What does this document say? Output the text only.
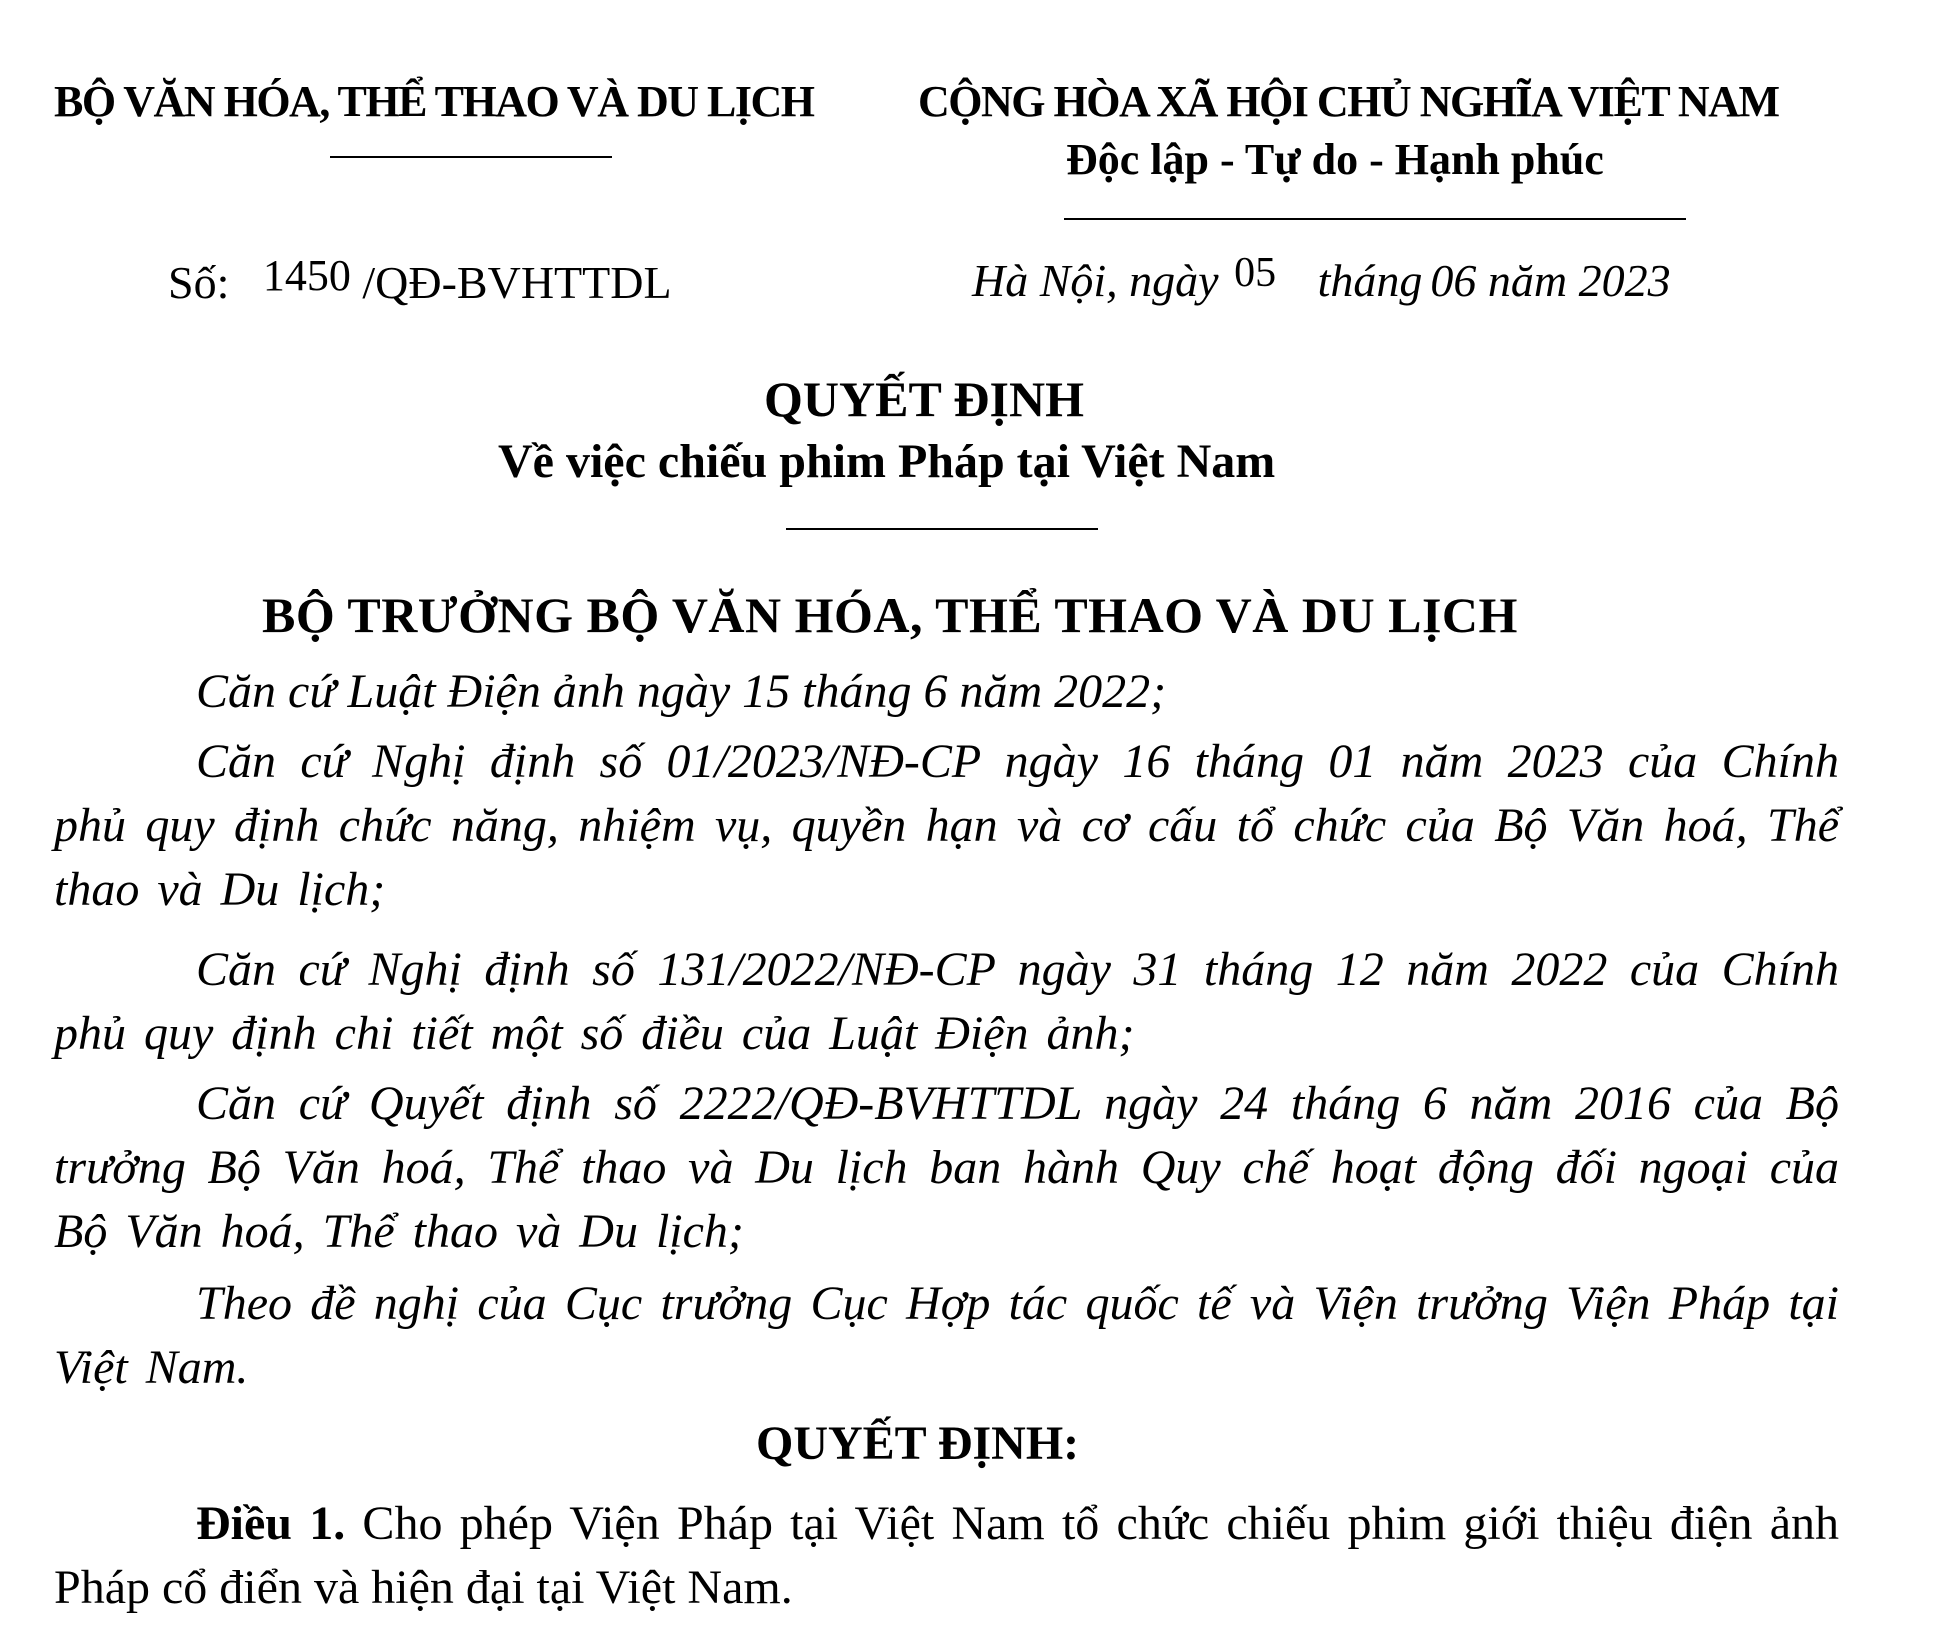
BỘ VĂN HÓA, THỂ THAO VÀ DU LỊCH CỘNG HÒA XÃ HỘI CHỦ NGHĨA VIỆT NAM
Độc lập - Tự do - Hạnh phúc
Số: 1450 /QĐ-BVHTTDL	Hà Nội, ngày 05 tháng 06 năm 2023
QUYẾT ĐỊNH
Về việc chiếu phim Pháp tại Việt Nam
BỘ TRƯỞNG BỘ VĂN HÓA, THỂ THAO VÀ DU LỊCH
Căn cứ Luật Điện ảnh ngày 15 tháng 6 năm 2022;
Căn cứ Nghị định số 01/2023/NĐ-CP ngày 16 tháng 01 năm 2023 của Chính phủ quy định chức năng, nhiệm vụ, quyền hạn và cơ cấu tổ chức của Bộ Văn hoá, Thể thao và Du lịch;
Căn cứ Nghị định số 131/2022/NĐ-CP ngày 31 tháng 12 năm 2022 của Chính phủ quy định chi tiết một số điều của Luật Điện ảnh;
Căn cứ Quyết định số 2222/QĐ-BVHTTDL ngày 24 tháng 6 năm 2016 của Bộ trưởng Bộ Văn hoá, Thể thao và Du lịch ban hành Quy chế hoạt động đối ngoại của Bộ Văn hoá, Thể thao và Du lịch;
Theo đề nghị của Cục trưởng Cục Hợp tác quốc tế và Viện trưởng Viện Pháp tại Việt Nam.
QUYẾT ĐỊNH:
Điều 1. Cho phép Viện Pháp tại Việt Nam tổ chức chiếu phim giới thiệu điện ảnh Pháp cổ điển và hiện đại tại Việt Nam.
